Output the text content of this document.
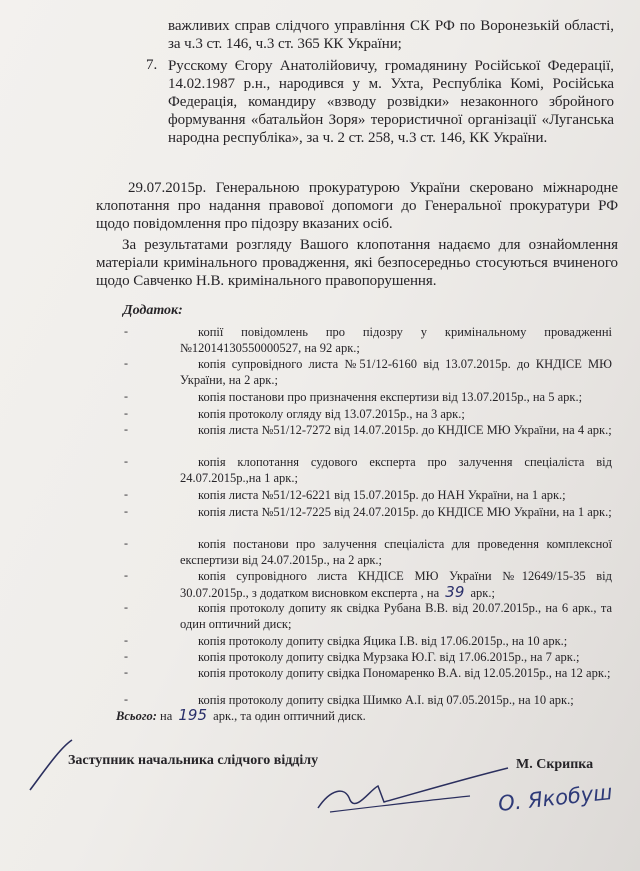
важливих справ слідчого управління СК РФ по Воронезькій області, за ч.3 ст. 146, ч.3 ст. 365 КК України;

7. Русскому Єгору Анатолійовичу, громадянину Російської Федерації, 14.02.1987 р.н., народився у м. Ухта, Республіка Комі, Російська Федерація, командиру «взводу розвідки» незаконного збройного формування «батальйон Зоря» терористичної організації «Луганська народна республіка», за ч. 2 ст. 258, ч.3 ст. 146, КК України.

29.07.2015р. Генеральною прокуратурою України скеровано міжнародне клопотання про надання правової допомоги до Генеральної прокуратури РФ щодо повідомлення про підозру вказаних осіб.

За результатами розгляду Вашого клопотання надаємо для ознайомлення матеріали кримінального провадження, які безпосередньо стосуються вчиненого щодо Савченко Н.В. кримінального правопорушення.

Додаток:
-	копії повідомлень про підозру у кримінальному провадженні №12014130550000527, на 92 арк.;

-	копія супровідного листа №51/12-6160 від 13.07.2015р. до КНДІСЕ МЮ України, на 2 арк.;

-	копія постанови про призначення експертизи від 13.07.2015р., на 5 арк.;

-	копія протоколу огляду від 13.07.2015р., на 3 арк.;

-	копія листа №51/12-7272 від 14.07.2015р. до КНДІСЕ МЮ України, на 4 арк.;

-	копія клопотання судового експерта про залучення спеціаліста від 24.07.2015р.,на 1 арк.;

-	копія листа №51/12-6221 від 15.07.2015р. до НАН України, на 1 арк.;

-	копія листа №51/12-7225 від 24.07.2015р. до КНДІСЕ МЮ України, на 1 арк.;

-	копія постанови про залучення спеціаліста для проведення комплексної експертизи від 24.07.2015р., на 2 арк.;

-	копія супровідного листа КНДІСЕ МЮ України №12649/15-35 від 30.07.2015р., з додатком висновком експерта , на 39 арк.;

-	копія протоколу допиту як свідка Рубана В.В. від 20.07.2015р., на 6 арк., та один оптичний диск;

-	копія протоколу допиту свідка Яцика І.В. від 17.06.2015р., на 10 арк.;

-	копія протоколу допиту свідка Мурзака Ю.Г. від 17.06.2015р., на 7 арк.;

-	копія протоколу допиту свідка Пономаренко В.А. від 12.05.2015р., на 12 арк.;

-	копія протоколу допиту свідка Шимко А.І. від 07.05.2015р., на 10 арк.;

Всього: на 195 арк., та один оптичний диск.
Заступник начальника слідчого відділу	М. Скрипка
О. Якобуш
